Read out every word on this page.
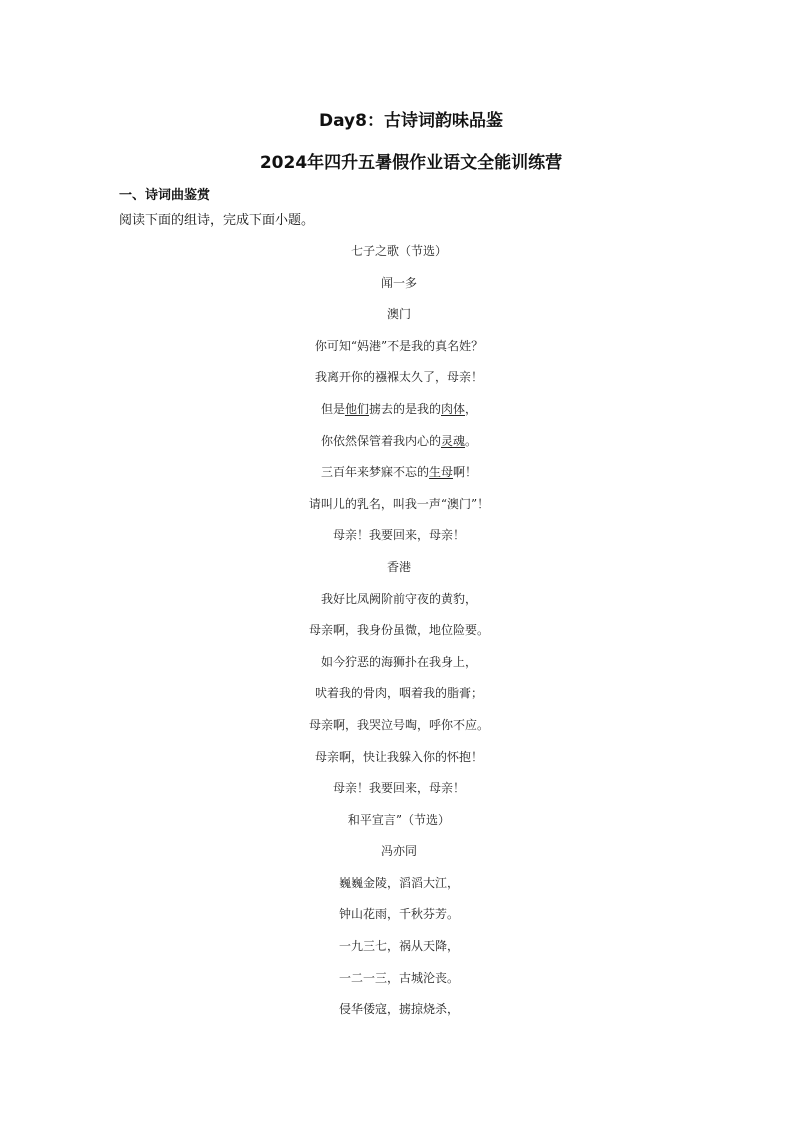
Day8：古诗词韵味品鉴
2024年四升五暑假作业语文全能训练营
一、诗词曲鉴赏
阅读下面的组诗，完成下面小题。
七子之歌（节选）
闻一多
澳门
你可知“妈港”不是我的真名姓？
我离开你的襁褓太久了，母亲！
但是他们掳去的是我的肉体，
你依然保管着我内心的灵魂。
三百年来梦寐不忘的生母啊！
请叫儿的乳名，叫我一声“澳门”！
母亲！我要回来，母亲！
香港
我好比凤阙阶前守夜的黄豹，
母亲啊，我身份虽微，地位险要。
如今狞恶的海狮扑在我身上，
吠着我的骨肉，咽着我的脂膏；
母亲啊，我哭泣号啕，呼你不应。
母亲啊，快让我躲入你的怀抱！
母亲！我要回来，母亲！
和平宣言”（节选）
冯亦同
巍巍金陵，滔滔大江，
钟山花雨，千秋芬芳。
一九三七，祸从天降，
一二一三，古城沦丧。
侵华倭寇，掳掠烧杀，
